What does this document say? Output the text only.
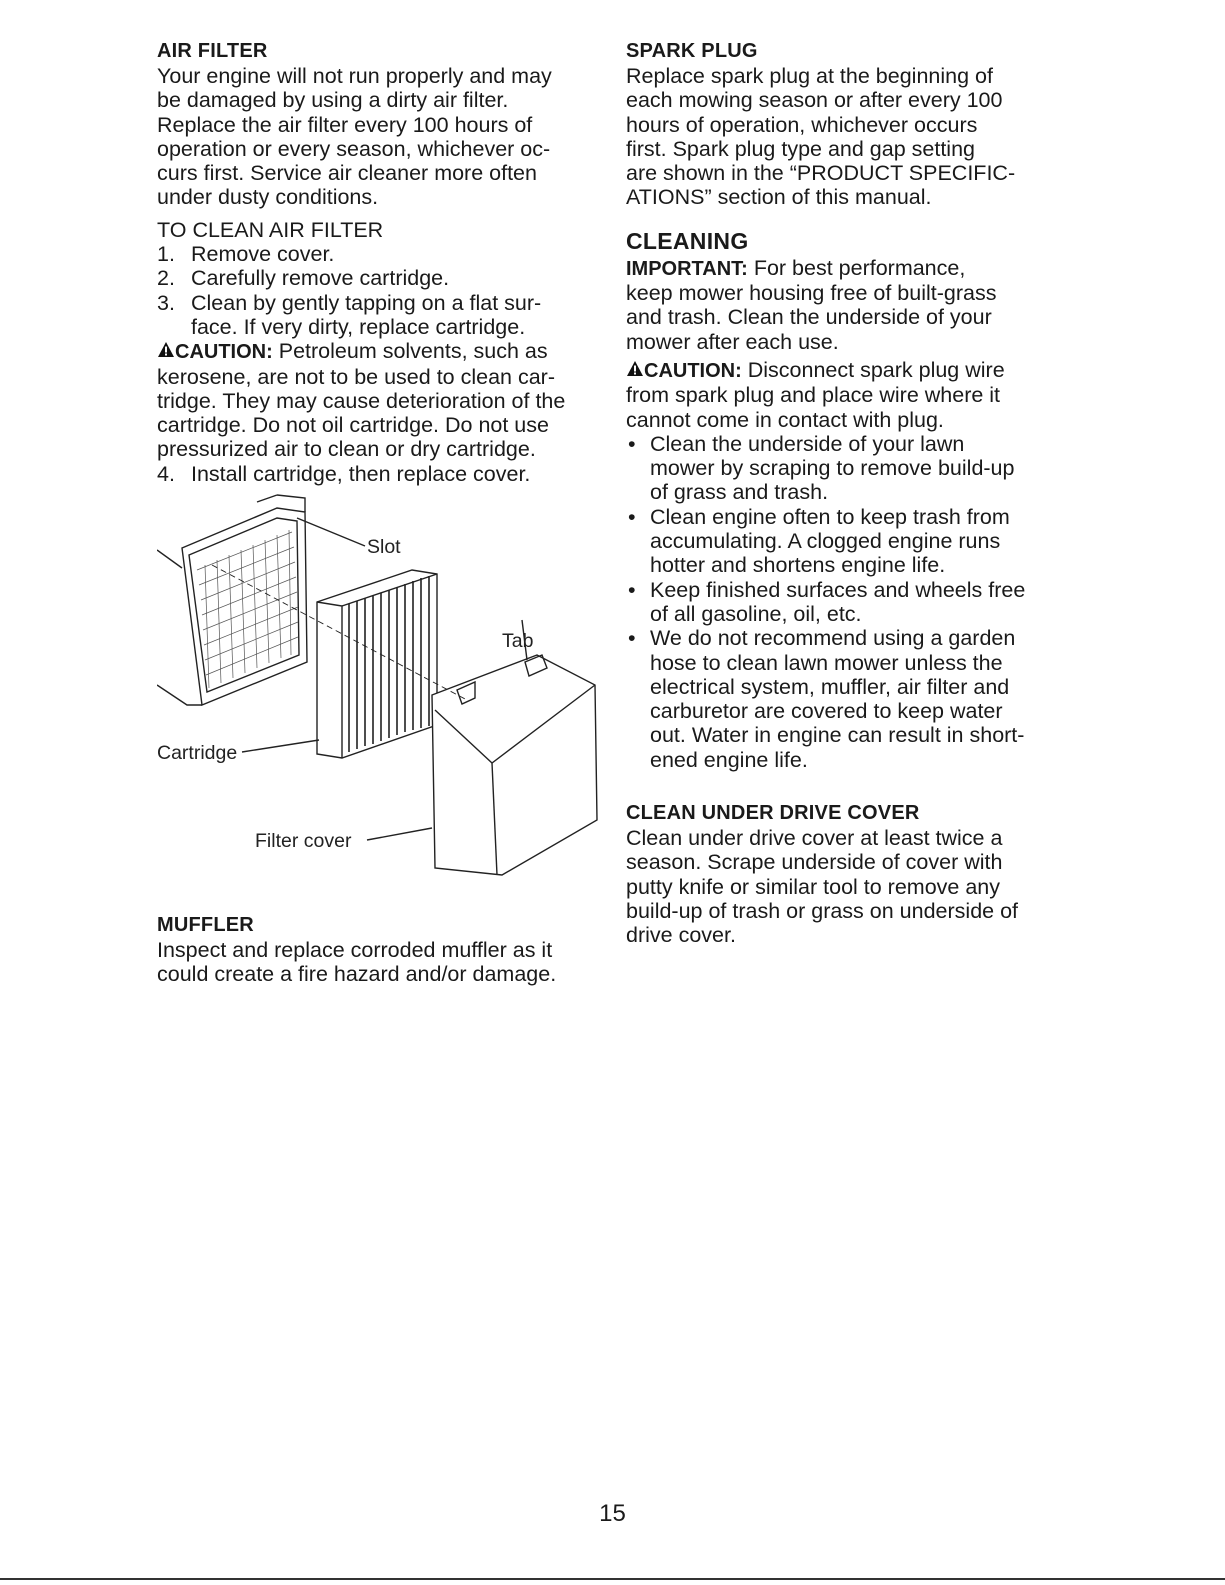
AIR FILTER

Your engine will not run properly and may

be damaged by using a dirty air filter.

Replace the air filter every 100 hours of

operation or every season, whichever oc-

curs first. Service air cleaner more often

under dusty conditions.

TO CLEAN AIR FILTER

1. Remove cover.
2. Carefully remove cartridge.
3. Clean by gently tapping on a flat sur-
face. If very dirty, replace cartridge.

CAUTION: Petroleum solvents, such as

kerosene, are not to be used to clean car-

tridge. They may cause deterioration of the

cartridge. Do not oil cartridge. Do not use

pressurized air to clean or dry cartridge.

4. Install cartridge, then replace cover.
Slot
Tab
Cartridge
Filter cover
MUFFLER

Inspect and replace corroded muffler as it

could create a fire hazard and/or damage.

SPARK PLUG

Replace spark plug at the beginning of

each mowing season or after every 100

hours of operation, whichever occurs

first. Spark plug type and gap setting

are shown in the “PRODUCT SPECIFIC-

ATIONS” section of this manual.

CLEANING

IMPORTANT: For best performance,

keep mower housing free of built-grass

and trash. Clean the underside of your

mower after each use.

CAUTION: Disconnect spark plug wire

from spark plug and place wire where it

cannot come in contact with plug.

• Clean the underside of your lawn
mower by scraping to remove build-up
of grass and trash.
• Clean engine often to keep trash from
accumulating. A clogged engine runs
hotter and shortens engine life.
• Keep finished surfaces and wheels free
of all gasoline, oil, etc.
• We do not recommend using a garden
hose to clean lawn mower unless the
electrical system, muffler, air filter and
carburetor are covered to keep water
out. Water in engine can result in short-
ened engine life.
CLEAN UNDER DRIVE COVER

Clean under drive cover at least twice a

season. Scrape underside of cover with

putty knife or similar tool to remove any

build-up of trash or grass on underside of

drive cover.

15
